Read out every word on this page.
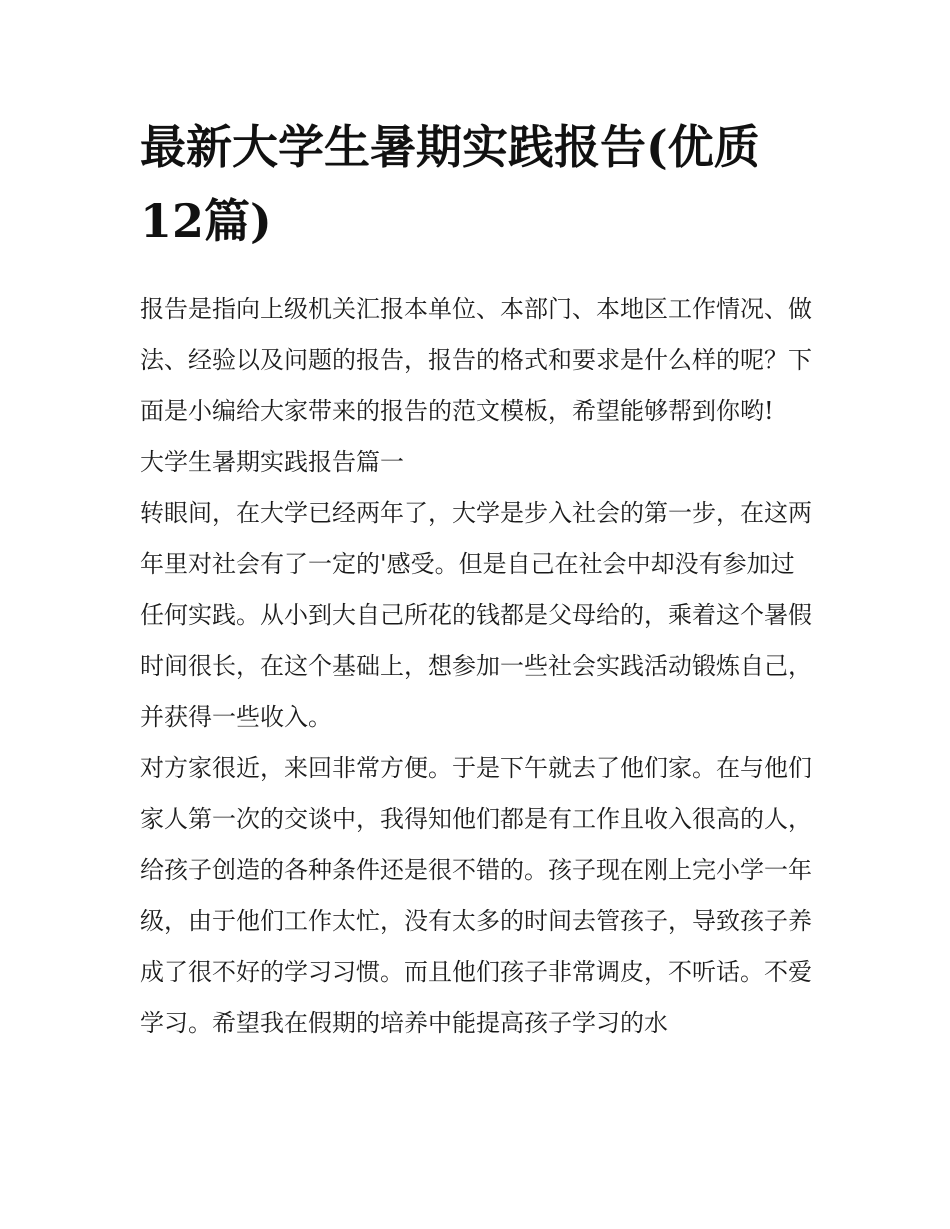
最新大学生暑期实践报告(优质12篇)

报告是指向上级机关汇报本单位、本部门、本地区工作情况、做法、经验以及问题的报告，报告的格式和要求是什么样的呢？下面是小编给大家带来的报告的范文模板，希望能够帮到你哟!

大学生暑期实践报告篇一

转眼间，在大学已经两年了，大学是步入社会的第一步，在这两年里对社会有了一定的'感受。但是自己在社会中却没有参加过任何实践。从小到大自己所花的钱都是父母给的，乘着这个暑假时间很长，在这个基础上，想参加一些社会实践活动锻炼自己，并获得一些收入。

对方家很近，来回非常方便。于是下午就去了他们家。在与他们家人第一次的交谈中，我得知他们都是有工作且收入很高的人，给孩子创造的各种条件还是很不错的。孩子现在刚上完小学一年级，由于他们工作太忙，没有太多的时间去管孩子，导致孩子养成了很不好的学习习惯。而且他们孩子非常调皮，不听话。不爱学习。希望我在假期的培养中能提高孩子学习的水
